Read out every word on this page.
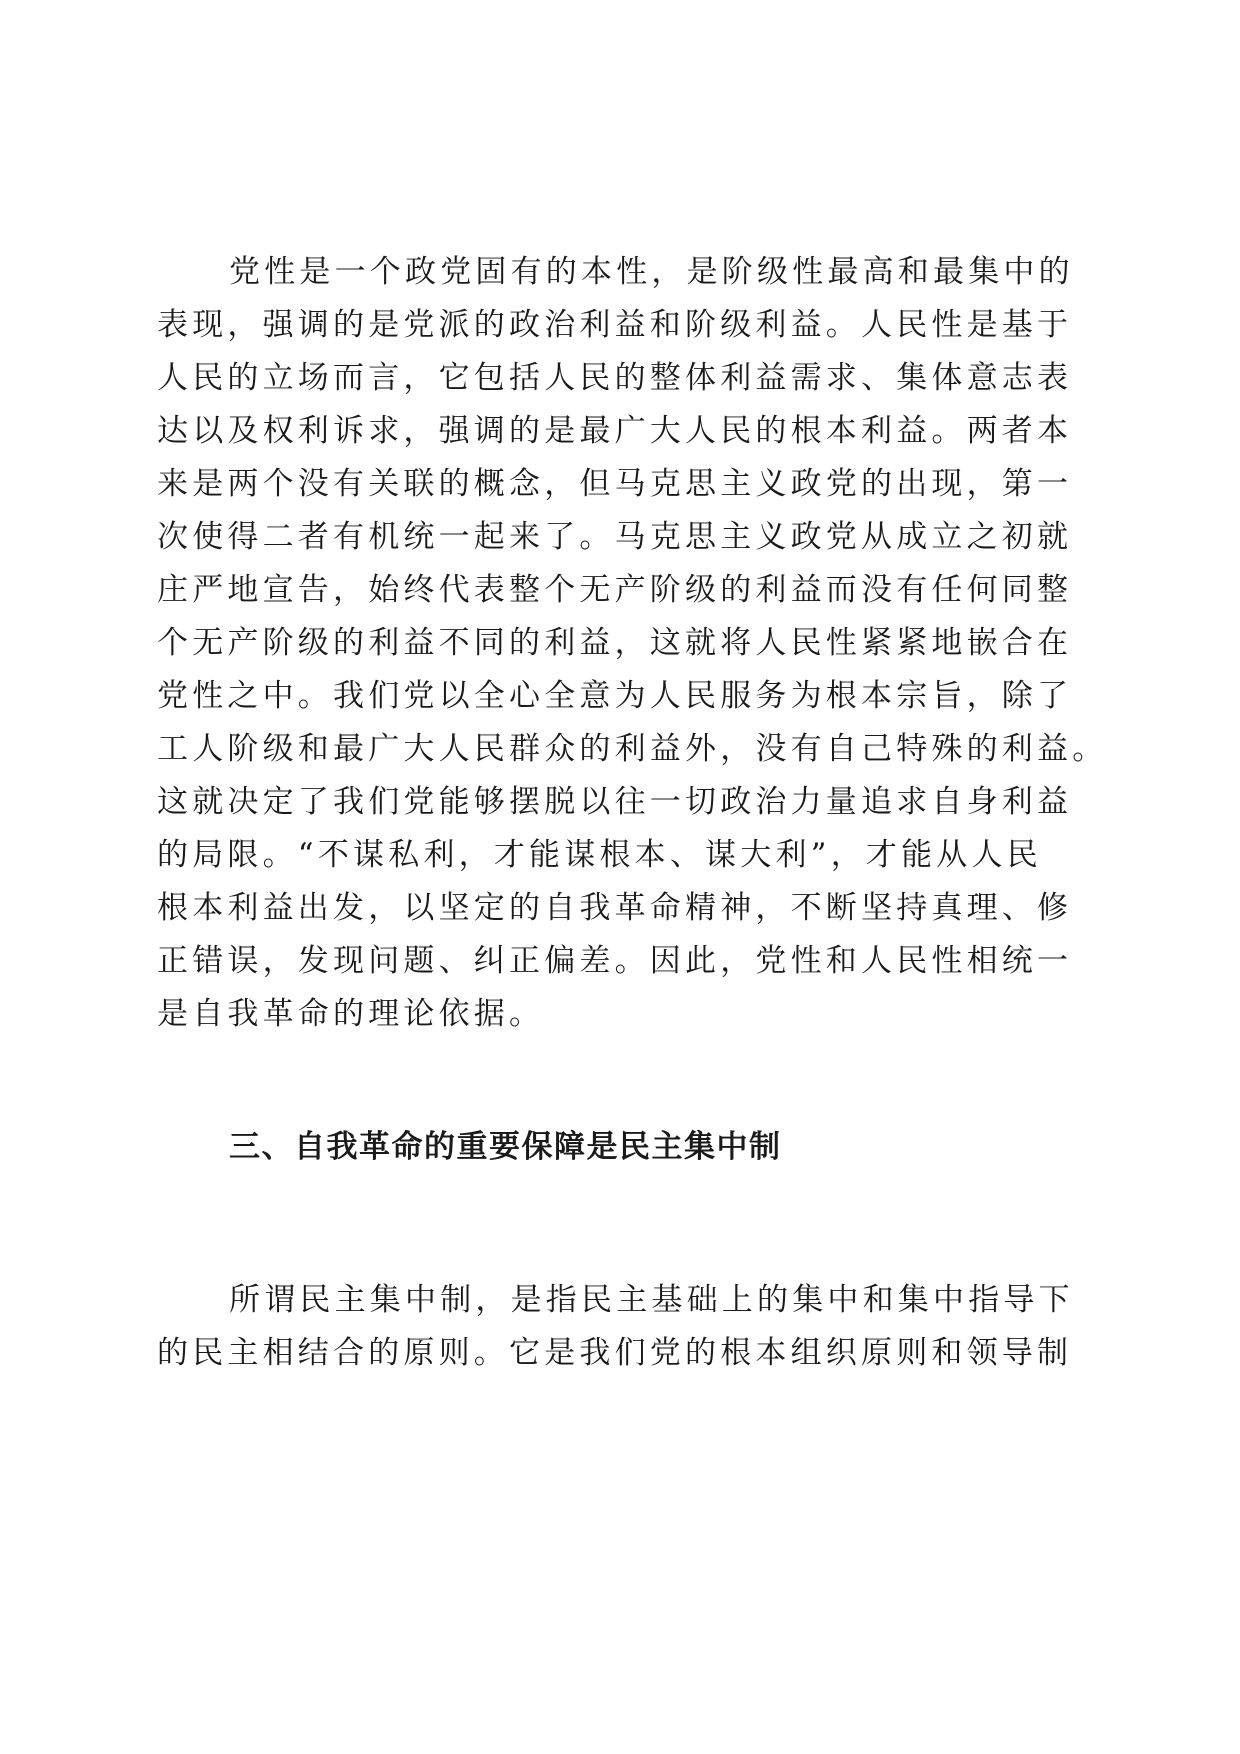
党性是一个政党固有的本性，是阶级性最高和最集中的
表现，强调的是党派的政治利益和阶级利益。人民性是基于
人民的立场而言，它包括人民的整体利益需求、集体意志表
达以及权利诉求，强调的是最广大人民的根本利益。两者本
来是两个没有关联的概念，但马克思主义政党的出现，第一
次使得二者有机统一起来了。马克思主义政党从成立之初就
庄严地宣告，始终代表整个无产阶级的利益而没有任何同整
个无产阶级的利益不同的利益，这就将人民性紧紧地嵌合在
党性之中。我们党以全心全意为人民服务为根本宗旨，除了
工人阶级和最广大人民群众的利益外，没有自己特殊的利益。
这就决定了我们党能够摆脱以往一切政治力量追求自身利益
的局限。“不谋私利，才能谋根本、谋大利”，才能从人民
根本利益出发，以坚定的自我革命精神，不断坚持真理、修
正错误，发现问题、纠正偏差。因此，党性和人民性相统一
是自我革命的理论依据。
三、自我革命的重要保障是民主集中制
所谓民主集中制，是指民主基础上的集中和集中指导下
的民主相结合的原则。它是我们党的根本组织原则和领导制
